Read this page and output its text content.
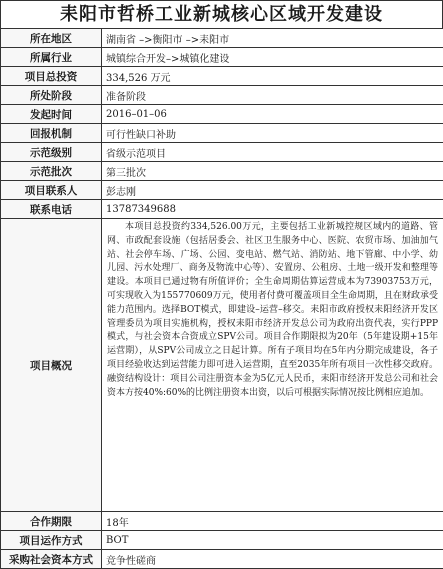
耒阳市哲桥工业新城核心区域开发建设
所在地区	湖南省 –>衡阳市 –>耒阳市
所属行业	城镇综合开发–>城镇化建设
项目总投资	334,526 万元
所处阶段	准备阶段
发起时间	2016–01–06
回报机制	可行性缺口补助
示范级别	省级示范项目
示范批次	第三批次
项目联系人	彭志刚
联系电话	13787349688
项目概况	本项目总投资约334,526.00万元，主要包括工业新城控规区域内的道路、管网、市政配套设施（包括居委会、社区卫生服务中心、医院、农贸市场、加油加气站、社会停车场、广场、公园、变电站、燃气站、消防站、地下管廊、中小学、幼儿园、污水处理厂、商务及物流中心等）、安置房、公租房、土地一级开发和整理等建设。本项目已通过物有所值评价；全生命周期估算运营成本为73903753万元，可实现收入为155770609万元，使用者付费可覆盖项目全生命周期，且在财政承受能力范围内。选择BOT模式，即建设–运营–移交。耒阳市政府授权耒阳经济开发区管理委员为项目实施机构，授权耒阳市经济开发总公司为政府出资代表，实行PPP模式，与社会资本合资成立SPV公司。项目合作期限拟为20年（5年建设期+15年运营期），从SPV公司成立之日起计算。所有子项目均在5年内分期完成建设，各子项目经验收达到运营能力即可进入运营期，直至2035年所有项目一次性移交政府。融资结构设计：项目公司注册资本金为5亿元人民币，耒阳市经济开发总公司和社会资本方按40%:60%的比例注册资本出资，以后可根据实际情况按比例相应追加。
合作期限	18年
项目运作方式	BOT
采购社会资本方式	竞争性磋商
